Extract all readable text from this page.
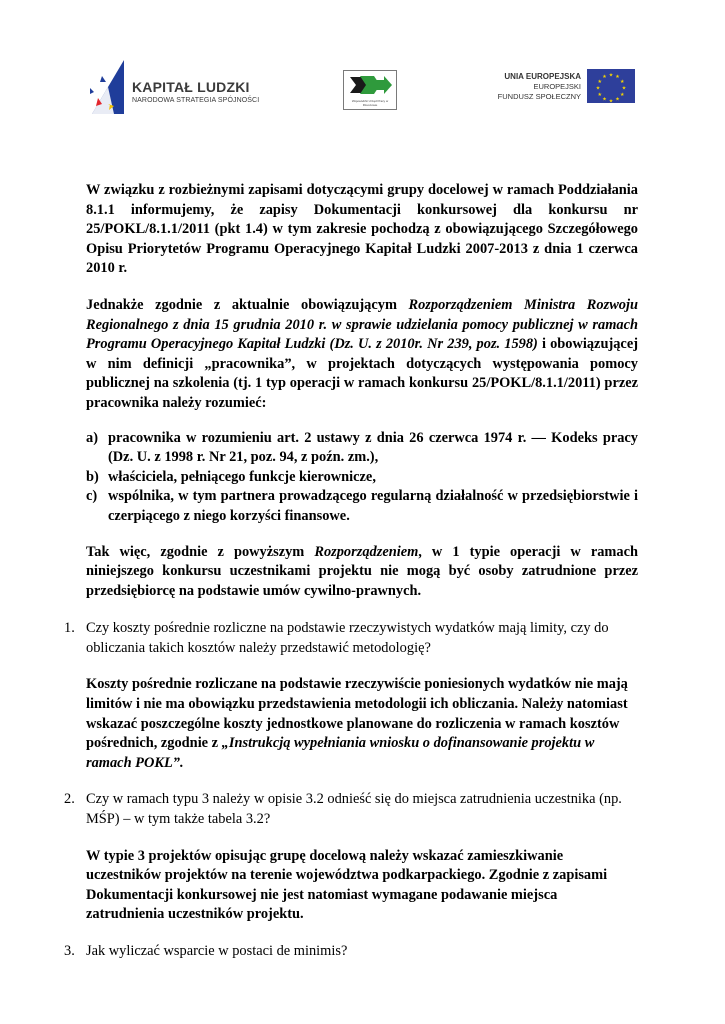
KAPITAŁ LUDZKI
NARODOWA STRATEGIA SPÓJNOŚCI	Wojewódzki Urząd Pracy w Rzeszowie
UNIA EUROPEJSKA
EUROPEJSKI
FUNDUSZ SPOŁECZNY
★ ★
★
★
★
★
★
★
★
★
★
★

W związku z rozbieżnymi zapisami dotyczącymi grupy docelowej w ramach Poddziałania 8.1.1 informujemy, że zapisy Dokumentacji konkursowej dla konkursu nr 25/POKL/8.1.1/2011 (pkt 1.4) w tym zakresie pochodzą z obowiązującego Szczegółowego Opisu Priorytetów Programu Operacyjnego Kapitał Ludzki 2007-2013 z dnia 1 czerwca 2010 r.

Jednakże zgodnie z aktualnie obowiązującym Rozporządzeniem Ministra Rozwoju Regionalnego z dnia 15 grudnia 2010 r. w sprawie udzielania pomocy publicznej w ramach Programu Operacyjnego Kapitał Ludzki (Dz. U. z 2010r. Nr 239, poz. 1598) i obowiązującej w nim definicji „pracownika”, w projektach dotyczących występowania pomocy publicznej na szkolenia (tj. 1 typ operacji w ramach konkursu 25/POKL/8.1.1/2011) przez pracownika należy rozumieć:

a) pracownika w rozumieniu art. 2 ustawy z dnia 26 czerwca 1974 r. — Kodeks pracy (Dz. U. z 1998 r. Nr 21, poz. 94, z poźn. zm.),
b) właściciela, pełniącego funkcje kierownicze,
c) wspólnika, w tym partnera prowadzącego regularną działalność w przedsiębiorstwie i czerpiącego z niego korzyści finansowe.

Tak więc, zgodnie z powyższym Rozporządzeniem, w 1 typie operacji w ramach niniejszego konkursu uczestnikami projektu nie mogą być osoby zatrudnione przez przedsiębiorcę na podstawie umów cywilno-prawnych.

1. Czy koszty pośrednie rozliczne na podstawie rzeczywistych wydatków mają limity, czy do obliczania takich kosztów należy przedstawić metodologię?

Koszty pośrednie rozliczane na podstawie rzeczywiście poniesionych wydatków nie mają limitów i nie ma obowiązku przedstawienia metodologii ich obliczania. Należy natomiast wskazać poszczególne koszty jednostkowe planowane do rozliczenia w ramach kosztów pośrednich, zgodnie z „Instrukcją wypełniania wniosku o dofinansowanie projektu w ramach POKL”.

2. Czy w ramach typu 3 należy w opisie 3.2 odnieść się do miejsca zatrudnienia uczestnika (np. MŚP) – w tym także tabela 3.2?

W typie 3 projektów opisując grupę docelową należy wskazać zamieszkiwanie uczestników projektów na terenie województwa podkarpackiego. Zgodnie z zapisami Dokumentacji konkursowej nie jest natomiast wymagane podawanie miejsca zatrudnienia uczestników projektu.

3. Jak wyliczać wsparcie w postaci de minimis?
